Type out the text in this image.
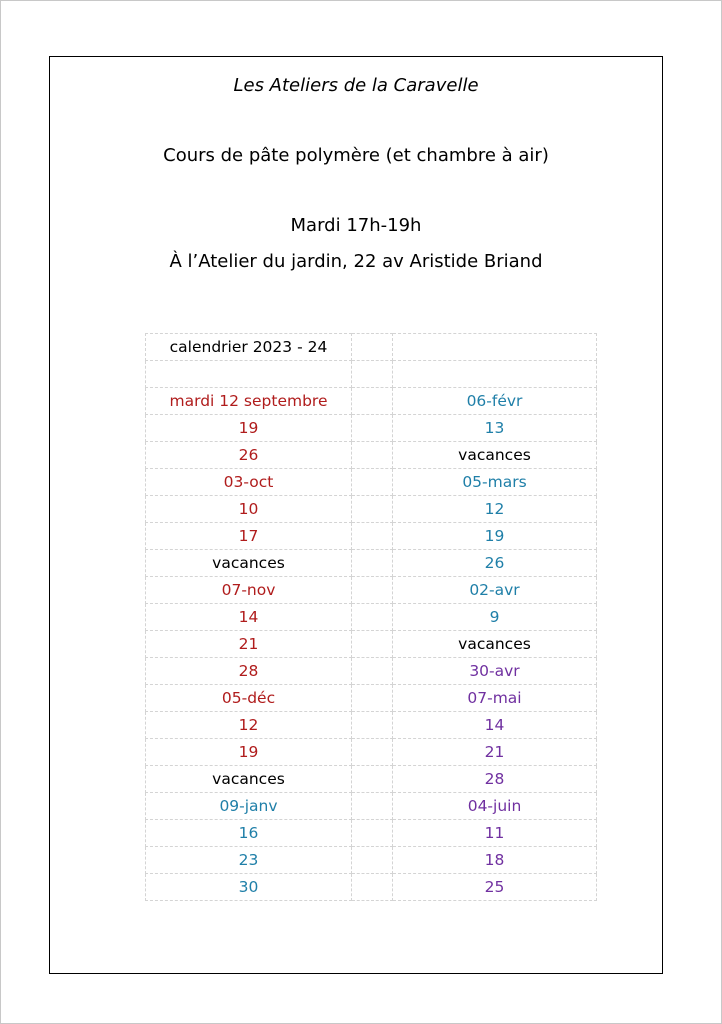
Les Ateliers de la Caravelle
Cours de pâte polymère (et chambre à air)
Mardi 17h-19h
À l’Atelier du jardin, 22 av Aristide Briand
calendrier 2023 - 24		

mardi 12 septembre		06-févr
19		13
26		vacances
03-oct		05-mars
10		12
17		19
vacances		26
07-nov		02-avr
14		9
21		vacances
28		30-avr
05-déc		07-mai
12		14
19		21
vacances		28
09-janv		04-juin
16		11
23		18
30		25
